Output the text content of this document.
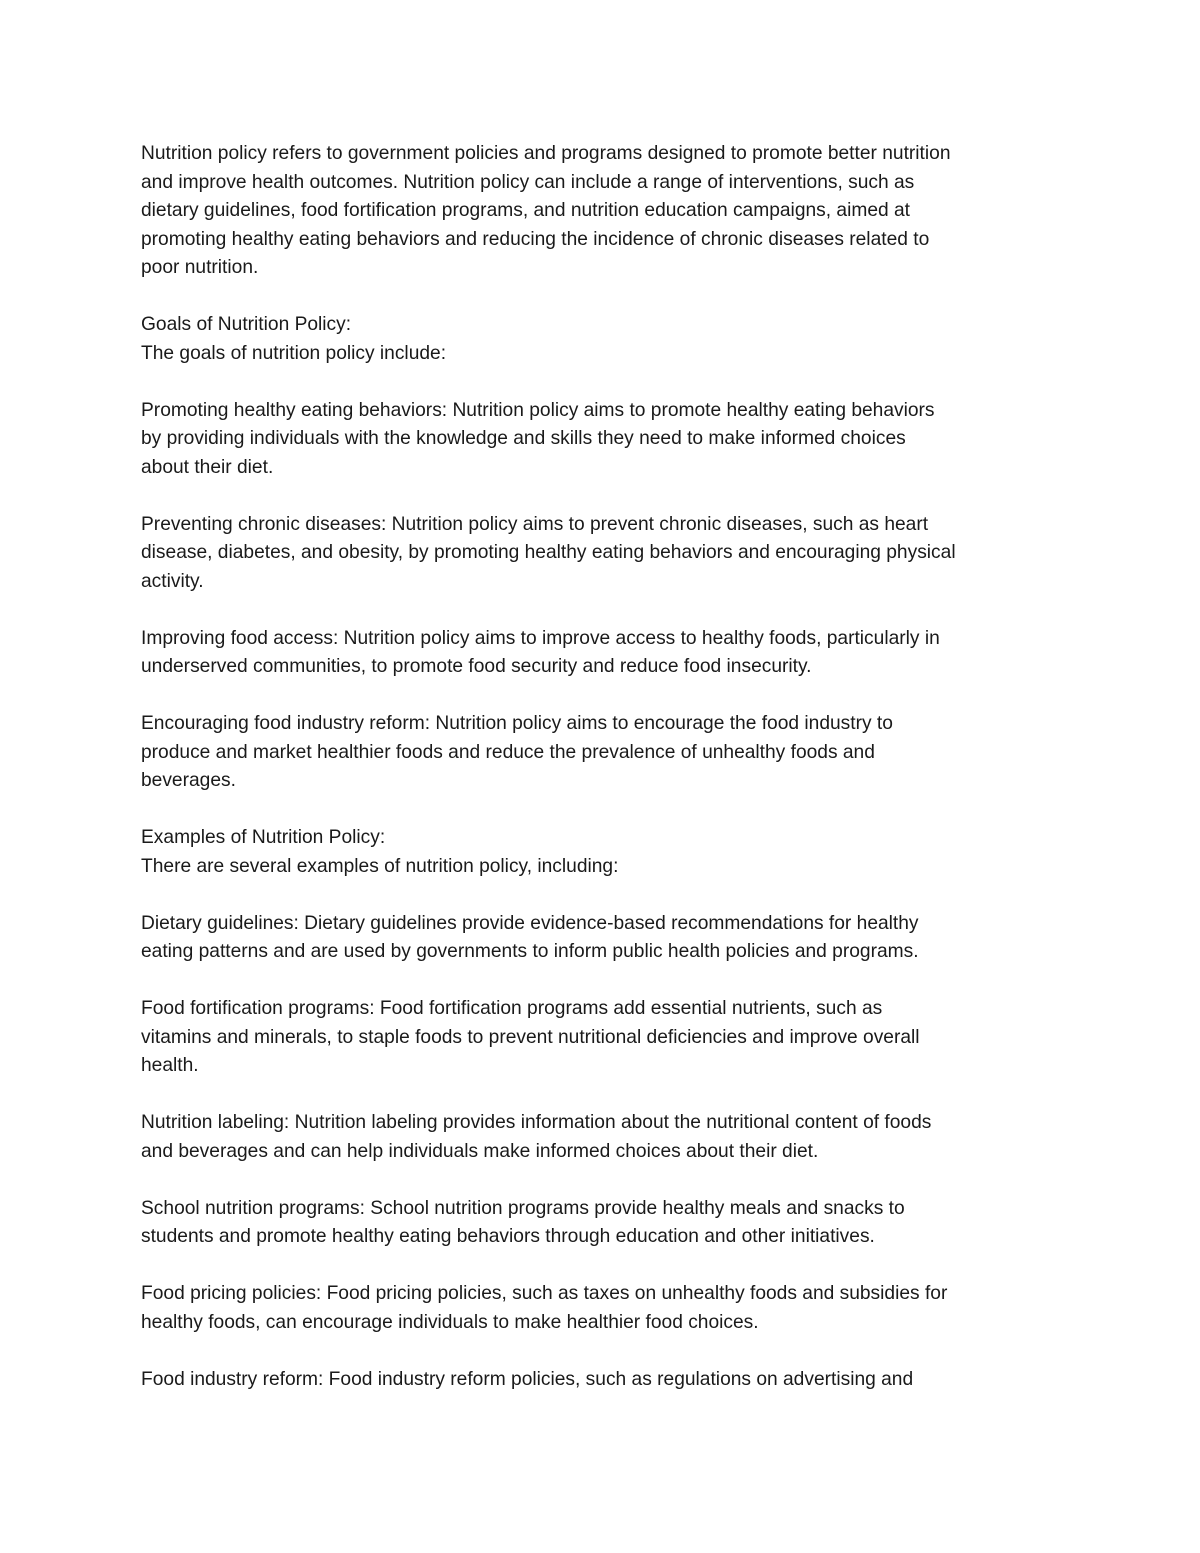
Nutrition policy refers to government policies and programs designed to promote better nutrition
and improve health outcomes. Nutrition policy can include a range of interventions, such as
dietary guidelines, food fortification programs, and nutrition education campaigns, aimed at
promoting healthy eating behaviors and reducing the incidence of chronic diseases related to
poor nutrition.

Goals of Nutrition Policy:

The goals of nutrition policy include:

Promoting healthy eating behaviors: Nutrition policy aims to promote healthy eating behaviors
by providing individuals with the knowledge and skills they need to make informed choices
about their diet.

Preventing chronic diseases: Nutrition policy aims to prevent chronic diseases, such as heart
disease, diabetes, and obesity, by promoting healthy eating behaviors and encouraging physical
activity.

Improving food access: Nutrition policy aims to improve access to healthy foods, particularly in
underserved communities, to promote food security and reduce food insecurity.

Encouraging food industry reform: Nutrition policy aims to encourage the food industry to
produce and market healthier foods and reduce the prevalence of unhealthy foods and
beverages.

Examples of Nutrition Policy:

There are several examples of nutrition policy, including:

Dietary guidelines: Dietary guidelines provide evidence-based recommendations for healthy
eating patterns and are used by governments to inform public health policies and programs.

Food fortification programs: Food fortification programs add essential nutrients, such as
vitamins and minerals, to staple foods to prevent nutritional deficiencies and improve overall
health.

Nutrition labeling: Nutrition labeling provides information about the nutritional content of foods
and beverages and can help individuals make informed choices about their diet.

School nutrition programs: School nutrition programs provide healthy meals and snacks to
students and promote healthy eating behaviors through education and other initiatives.

Food pricing policies: Food pricing policies, such as taxes on unhealthy foods and subsidies for
healthy foods, can encourage individuals to make healthier food choices.

Food industry reform: Food industry reform policies, such as regulations on advertising and
